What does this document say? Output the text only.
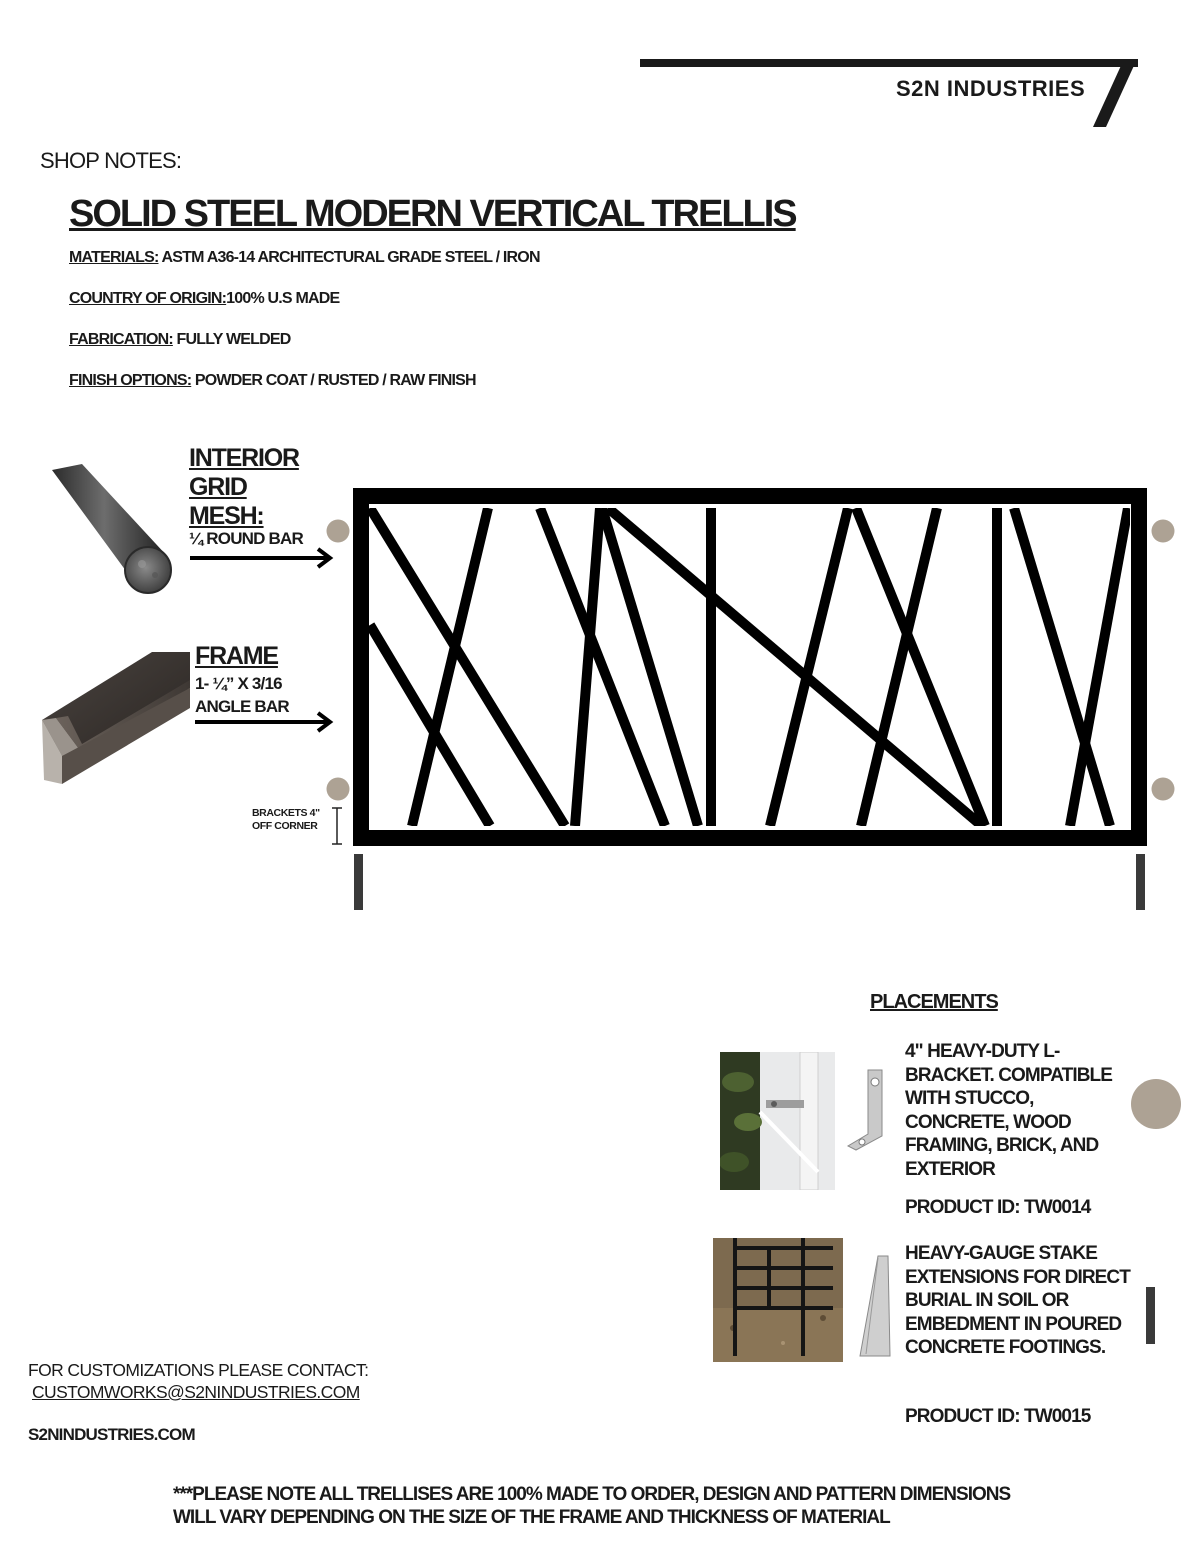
S2N INDUSTRIES
SHOP NOTES:
SOLID STEEL MODERN VERTICAL TRELLIS
MATERIALS: ASTM A36-14 ARCHITECTURAL GRADE STEEL / IRON
COUNTRY OF ORIGIN:100% U.S MADE
FABRICATION: FULLY WELDED
FINISH OPTIONS: POWDER COAT / RUSTED / RAW FINISH
INTERIOR
GRID
MESH:
¼ ROUND BAR
FRAME
1- ¼” X 3/16
ANGLE BAR
BRACKETS 4"
OFF CORNER
PLACEMENTS
4" HEAVY-DUTY L-BRACKET. COMPATIBLE WITH STUCCO, CONCRETE, WOOD FRAMING, BRICK, AND EXTERIOR
PRODUCT ID: TW0014
HEAVY-GAUGE STAKE EXTENSIONS FOR DIRECT BURIAL IN SOIL OR EMBEDMENT IN POURED CONCRETE FOOTINGS.
PRODUCT ID: TW0015
FOR CUSTOMIZATIONS PLEASE CONTACT:
CUSTOMWORKS@S2NINDUSTRIES.COM
S2NINDUSTRIES.COM
***PLEASE NOTE ALL TRELLISES ARE 100% MADE TO ORDER, DESIGN AND PATTERN DIMENSIONS
WILL VARY DEPENDING ON THE SIZE OF THE FRAME AND THICKNESS OF MATERIAL
